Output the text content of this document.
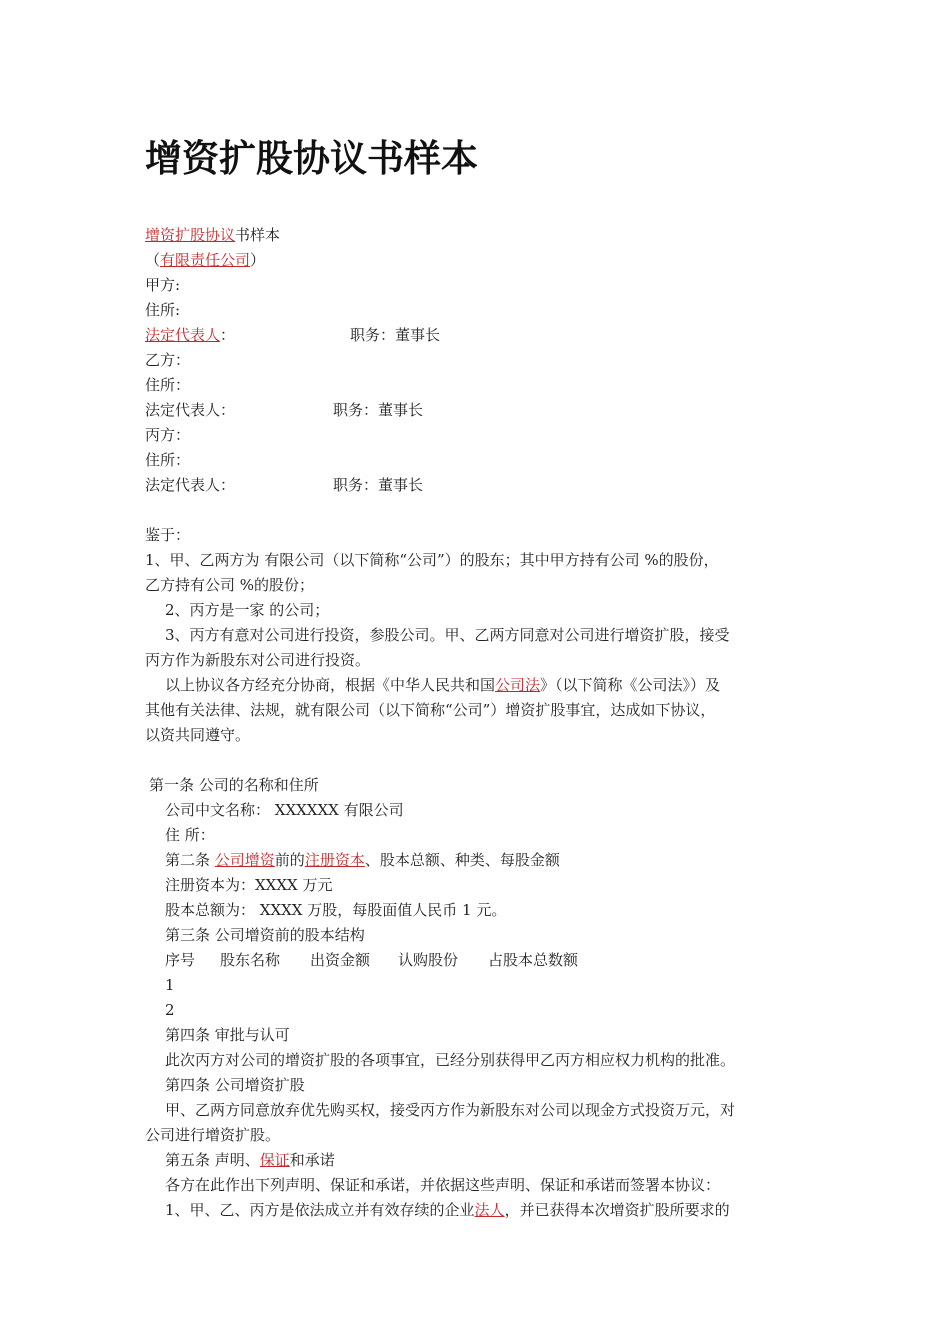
增资扩股协议书样本
增资扩股协议书样本
（有限责任公司）
甲方:
住所:
法定代表人：	职务：董事长
乙方：
住所：
法定代表人：	职务：董事长
丙方：
住所：
法定代表人：	职务：董事长
鉴于：
1、甲、乙两方为 有限公司（以下简称“公司”）的股东；其中甲方持有公司 %的股份，
乙方持有公司 %的股份；
2、丙方是一家 的公司；
3、丙方有意对公司进行投资，参股公司。甲、乙两方同意对公司进行增资扩股，接受
丙方作为新股东对公司进行投资。
以上协议各方经充分协商，根据《中华人民共和国公司法》（以下简称《公司法》）及
其他有关法律、法规，就有限公司（以下简称“公司”）增资扩股事宜，达成如下协议，
以资共同遵守。
第一条 公司的名称和住所
公司中文名称： XXXXXX 有限公司
住 所：
第二条 公司增资前的注册资本、股本总额、种类、每股金额
注册资本为：XXXX 万元
股本总额为： XXXX 万股，每股面值人民币 1 元。
第三条 公司增资前的股本结构
序号 股东名称 出资金额 认购股份 占股本总数额
1
2
第四条 审批与认可
此次丙方对公司的增资扩股的各项事宜，已经分别获得甲乙丙方相应权力机构的批准。
第四条 公司增资扩股
甲、乙两方同意放弃优先购买权，接受丙方作为新股东对公司以现金方式投资万元，对
公司进行增资扩股。
第五条 声明、保证和承诺
各方在此作出下列声明、保证和承诺，并依据这些声明、保证和承诺而签署本协议：
1、甲、乙、丙方是依法成立并有效存续的企业法人，并已获得本次增资扩股所要求的
